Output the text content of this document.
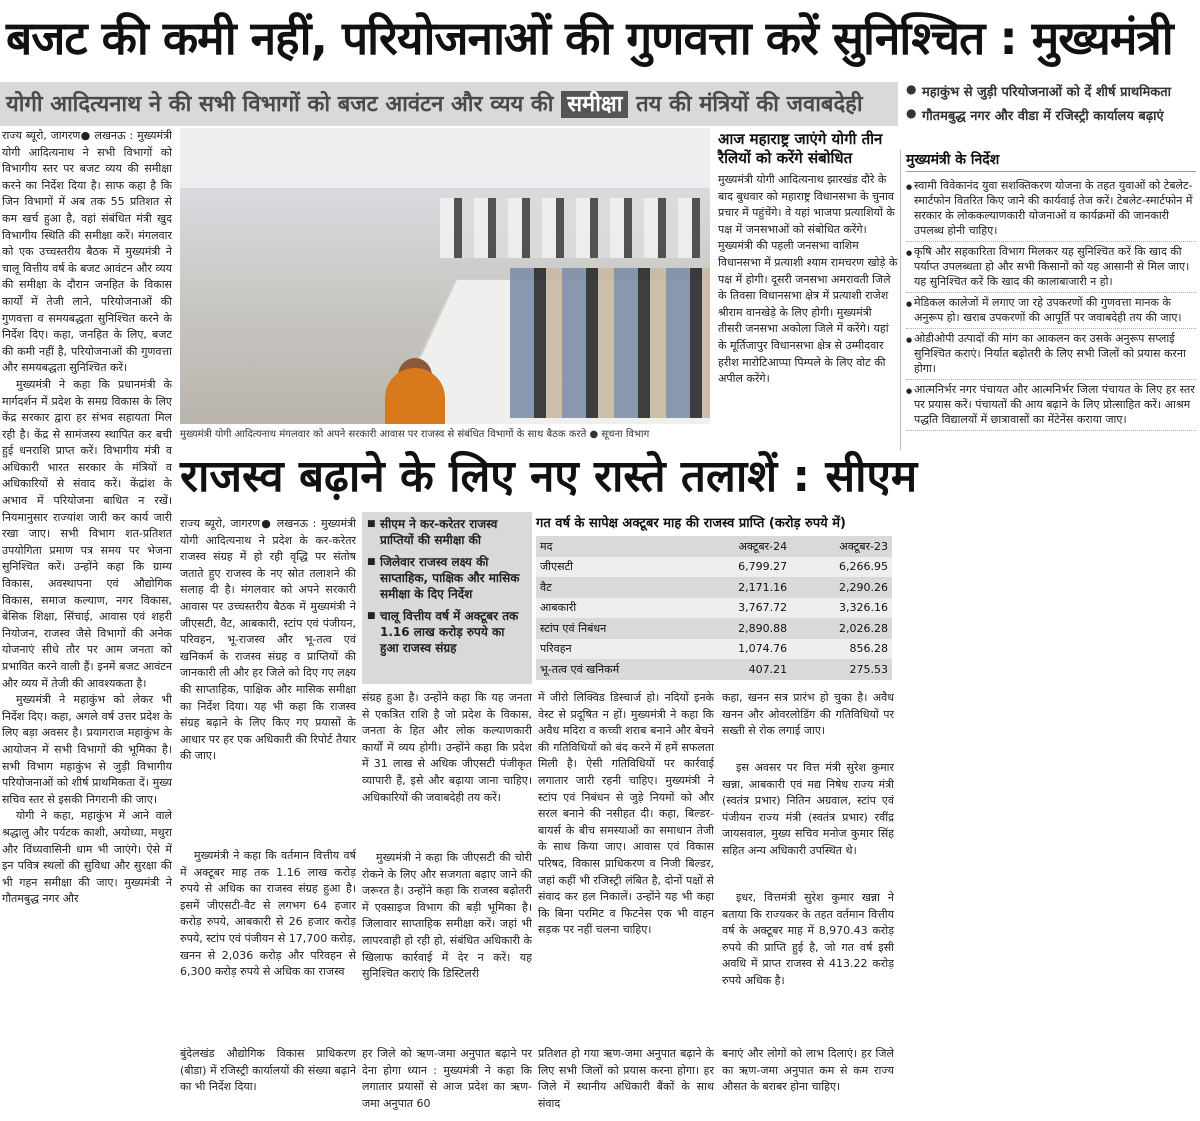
बजट की कमी नहीं, परियोजनाओं की गुणवत्ता करें सुनिश्चित : मुख्यमंत्री
योगी आदित्यनाथ ने की सभी विभागों को बजट आवंटन और व्यय की समीक्षा तय की मंत्रियों की जवाबदेही	● महाकुंभ से जुड़ी परियोजनाओं को दें शीर्ष प्राथमिकता
● गौतमबुद्ध नगर और वीडा में रजिस्ट्री कार्यालय बढ़ाएं

राज्य ब्यूरो, जागरण● लखनऊ : मुख्यमंत्री योगी आदित्यनाथ ने सभी विभागों को विभागीय स्तर पर बजट व्यय की समीक्षा करने का निर्देश दिया है। साफ कहा है कि जिन विभागों में अब तक 55 प्रतिशत से कम खर्च हुआ है, वहां संबंधित मंत्री खुद विभागीय स्थिति की समीक्षा करें। मंगलवार को एक उच्चस्तरीय बैठक में मुख्यमंत्री ने चालू वित्तीय वर्ष के बजट आवंटन और व्यय की समीक्षा के दौरान जनहित के विकास कार्यों में तेजी लाने, परियोजनाओं की गुणवत्ता व समयबद्धता सुनिश्चित करने के निर्देश दिए। कहा, जनहित के लिए, बजट की कमी नहीं है, परियोजनाओं की गुणवत्ता और समयबद्धता सुनिश्चित करें।

मुख्यमंत्री ने कहा कि प्रधानमंत्री के मार्गदर्शन में प्रदेश के समग्र विकास के लिए केंद्र सरकार द्वारा हर संभव सहायता मिल रही है। केंद्र से सामंजस्य स्थापित कर बची हुई धनराशि प्राप्त करें। विभागीय मंत्री व अधिकारी भारत सरकार के मंत्रियों व अधिकारियों से संवाद करें। केंद्रांश के अभाव में परियोजना बाधित न रखें। नियमानुसार राज्यांश जारी कर कार्य जारी रखा जाए। सभी विभाग शत-प्रतिशत उपयोगिता प्रमाण पत्र समय पर भेजना सुनिश्चित करें। उन्होंने कहा कि ग्राम्य विकास, अवस्थापना एवं औद्योगिक विकास, समाज कल्याण, नगर विकास, बेसिक शिक्षा, सिंचाई, आवास एवं शहरी नियोजन, राजस्व जैसे विभागों की अनेक योजनाएं सीधे तौर पर आम जनता को प्रभावित करने वाली हैं। इनमें बजट आवंटन और व्यय में तेजी की आवश्यकता है।

मुख्यमंत्री ने महाकुंभ को लेकर भी निर्देश दिए। कहा, अगले वर्ष उत्तर प्रदेश के लिए बड़ा अवसर है। प्रयागराज महाकुंभ के आयोजन में सभी विभागों की भूमिका है। सभी विभाग महाकुंभ से जुड़ी विभागीय परियोजनाओं को शीर्ष प्राथमिकता दें। मुख्य सचिव स्तर से इसकी निगरानी की जाए।

योगी ने कहा, महाकुंभ में आने वाले श्रद्धालु और पर्यटक काशी, अयोध्या, मथुरा और विंध्यवासिनी धाम भी जाएंगे। ऐसे में इन पवित्र स्थलों की सुविधा और सुरक्षा की भी गहन समीक्षा की जाए। मुख्यमंत्री ने गौतमबुद्ध नगर और

मुख्यमंत्री योगी आदित्यनाथ मंगलवार को अपने सरकारी आवास पर राजस्व से संबंधित विभागों के साथ बैठक करते ● सूचना विभाग
आज महाराष्ट्र जाएंगे योगी तीन रैलियों को करेंगे संबोधित
मुख्यमंत्री योगी आदित्यनाथ झारखंड दौरे के बाद बुधवार को महाराष्ट्र विधानसभा के चुनाव प्रचार में पहुंचेंगे। वे यहां भाजपा प्रत्याशियों के पक्ष में जनसभाओं को संबोधित करेंगे। मुख्यमंत्री की पहली जनसभा वाशिम विधानसभा में प्रत्याशी श्याम रामचरण खोड़े के पक्ष में होगी। दूसरी जनसभा अमरावती जिले के तिवसा विधानसभा क्षेत्र में प्रत्याशी राजेश श्रीराम वानखेड़े के लिए होगी। मुख्यमंत्री तीसरी जनसभा अकोला जिले में करेंगे। यहां के मूर्तिजापुर विधानसभा क्षेत्र से उम्मीदवार हरीश मारोटिआप्पा पिम्पले के लिए वोट की अपील करेंगे।
मुख्यमंत्री के निर्देश
● स्वामी विवेकानंद युवा सशक्तिकरण योजना के तहत युवाओं को टेबलेट-स्मार्टफोन वितरित किए जाने की कार्यवाई तेज करें। टेबलेट-स्मार्टफोन में सरकार के लोककल्याणकारी योजनाओं व कार्यक्रमों की जानकारी उपलब्ध होनी चाहिए।
● कृषि और सहकारिता विभाग मिलकर यह सुनिश्चित करें कि खाद की पर्याप्त उपलब्धता हो और सभी किसानों को यह आसानी से मिल जाए। यह सुनिश्चित करें कि खाद की कालाबाजारी न हो।
● मेडिकल कालेजों में लगाए जा रहे उपकरणों की गुणवत्ता मानक के अनुरूप हो। खराब उपकरणों की आपूर्ति पर जवाबदेही तय की जाए।
● ओडीओपी उत्पादों की मांग का आकलन कर उसके अनुरूप सप्लाई सुनिश्चित कराएं। निर्यात बढ़ोतरी के लिए सभी जिलों को प्रयास करना होगा।
● आत्मनिर्भर नगर पंचायत और आत्मनिर्भर जिला पंचायत के लिए हर स्तर पर प्रयास करें। पंचायतों की आय बढ़ाने के लिए प्रोत्साहित करें। आश्रम पद्धति विद्यालयों में छात्रावासों का मेंटेनेंस कराया जाए।
राजस्व बढ़ाने के लिए नए रास्ते तलाशें : सीएम

राज्य ब्यूरो, जागरण● लखनऊ : मुख्यमंत्री योगी आदित्यनाथ ने प्रदेश के कर-करेतर राजस्व संग्रह में हो रही वृद्धि पर संतोष जताते हुए राजस्व के नए स्रोत तलाशने की सलाह दी है। मंगलवार को अपने सरकारी आवास पर उच्चस्तरीय बैठक में मुख्यमंत्री ने जीएसटी, वैट, आबकारी, स्टांप एवं पंजीयन, परिवहन, भू-राजस्व और भू-तत्व एवं खनिकर्म के राजस्व संग्रह व प्राप्तियों की जानकारी ली और हर जिले को दिए गए लक्ष्य की साप्ताहिक, पाक्षिक और मासिक समीक्षा का निर्देश दिया। यह भी कहा कि राजस्व संग्रह बढ़ाने के लिए किए गए प्रयासों के आधार पर हर एक अधिकारी की रिपोर्ट तैयार की जाए।

मुख्यमंत्री ने कहा कि वर्तमान वित्तीय वर्ष में अक्टूबर माह तक 1.16 लाख करोड़ रुपये से अधिक का राजस्व संग्रह हुआ है। इसमें जीएसटी-वैट से लगभग 64 हजार करोड़ रुपये, आबकारी से 26 हजार करोड़ रुपये, स्टांप एवं पंजीयन से 17,700 करोड़, खनन से 2,036 करोड़ और परिवहन से 6,300 करोड़ रुपये से अधिक का राजस्व

बुंदेलखंड औद्योगिक विकास प्राधिकरण (बीडा) में रजिस्ट्री कार्यालयों की संख्या बढ़ाने का भी निर्देश दिया।

■ सीएम ने कर-करेतर राजस्व प्राप्तियों की समीक्षा की
■ जिलेवार राजस्व लक्ष्य की साप्ताहिक, पाक्षिक और मासिक समीक्षा के दिए निर्देश
■ चालू वित्तीय वर्ष में अक्टूबर तक 1.16 लाख करोड़ रुपये का हुआ राजस्व संग्रह
गत वर्ष के सापेक्ष अक्टूबर माह की राजस्व प्राप्ति (करोड़ रुपये में)
मद	अक्टूबर-24	अक्टूबर-23
जीएसटी	6,799.27	6,266.95
वैट	2,171.16	2,290.26
आबकारी	3,767.72	3,326.16
स्टांप एवं निबंधन	2,890.88	2,026.28
परिवहन	1,074.76	856.28
भू-तत्व एवं खनिकर्म	407.21	275.53

संग्रह हुआ है। उन्होंने कहा कि यह जनता से एकत्रित राशि है जो प्रदेश के विकास, जनता के हित और लोक कल्याणकारी कार्यों में व्यय होगी। उन्होंने कहा कि प्रदेश में 31 लाख से अधिक जीएसटी पंजीकृत व्यापारी हैं, इसे और बढ़ाया जाना चाहिए। अधिकारियों की जवाबदेही तय करें।

मुख्यमंत्री ने कहा कि जीएसटी की चोरी रोकने के लिए और सजगता बढ़ाए जाने की जरूरत है। उन्होंने कहा कि राजस्व बढ़ोतरी में एक्साइज विभाग की बड़ी भूमिका है। जिलावार साप्ताहिक समीक्षा करें। जहां भी लापरवाही हो रही हो, संबंधित अधिकारी के खिलाफ कार्रवाई में देर न करें। यह सुनिश्चित कराएं कि डिस्टिलरी

हर जिले को ऋण-जमा अनुपात बढ़ाने पर देना होगा ध्यान : मुख्यमंत्री ने कहा कि लगातार प्रयासों से आज प्रदेश का ऋण-जमा अनुपात 60

में जीरो लिक्विड डिस्चार्ज हो। नदियों इनके वेस्ट से प्रदूषित न हों। मुख्यमंत्री ने कहा कि अवैध मदिरा व कच्ची शराब बनाने और बेचने की गतिविधियों को बंद करने में हमें सफलता मिली है। ऐसी गतिविधियों पर कार्रवाई लगातार जारी रहनी चाहिए। मुख्यमंत्री ने स्टांप एवं निबंधन से जुड़े नियमों को और सरल बनाने की नसीहत दी। कहा, बिल्डर-बायर्स के बीच समस्याओं का समाधान तेजी के साथ किया जाए। आवास एवं विकास परिषद, विकास प्राधिकरण व निजी बिल्डर, जहां कहीं भी रजिस्ट्री लंबित है, दोनों पक्षों से संवाद कर हल निकालें। उन्होंने यह भी कहा कि बिना परमिट व फिटनेस एक भी वाहन सड़क पर नहीं चलना चाहिए।

प्रतिशत हो गया ऋण-जमा अनुपात बढ़ाने के लिए सभी जिलों को प्रयास करना होगा। हर जिले में स्थानीय अधिकारी बैंकों के साथ संवाद

कहा, खनन सत्र प्रारंभ हो चुका है। अवैध खनन और ओवरलोडिंग की गतिविधियों पर सख्ती से रोक लगाई जाए।

इस अवसर पर वित्त मंत्री सुरेश कुमार खन्ना, आबकारी एवं मद्य निषेध राज्य मंत्री (स्वतंत्र प्रभार) नितिन अग्रवाल, स्टांप एवं पंजीयन राज्य मंत्री (स्वतंत्र प्रभार) रवींद्र जायसवाल, मुख्य सचिव मनोज कुमार सिंह सहित अन्य अधिकारी उपस्थित थे।

इधर, वित्तमंत्री सुरेश कुमार खन्ना ने बताया कि राज्यकर के तहत वर्तमान वित्तीय वर्ष के अक्टूबर माह में 8,970.43 करोड़ रुपये की प्राप्ति हुई है, जो गत वर्ष इसी अवधि में प्राप्त राजस्व से 413.22 करोड़ रुपये अधिक है।

बनाएं और लोगों को लाभ दिलाएं। हर जिले का ऋण-जमा अनुपात कम से कम राज्य औसत के बराबर होना चाहिए।
